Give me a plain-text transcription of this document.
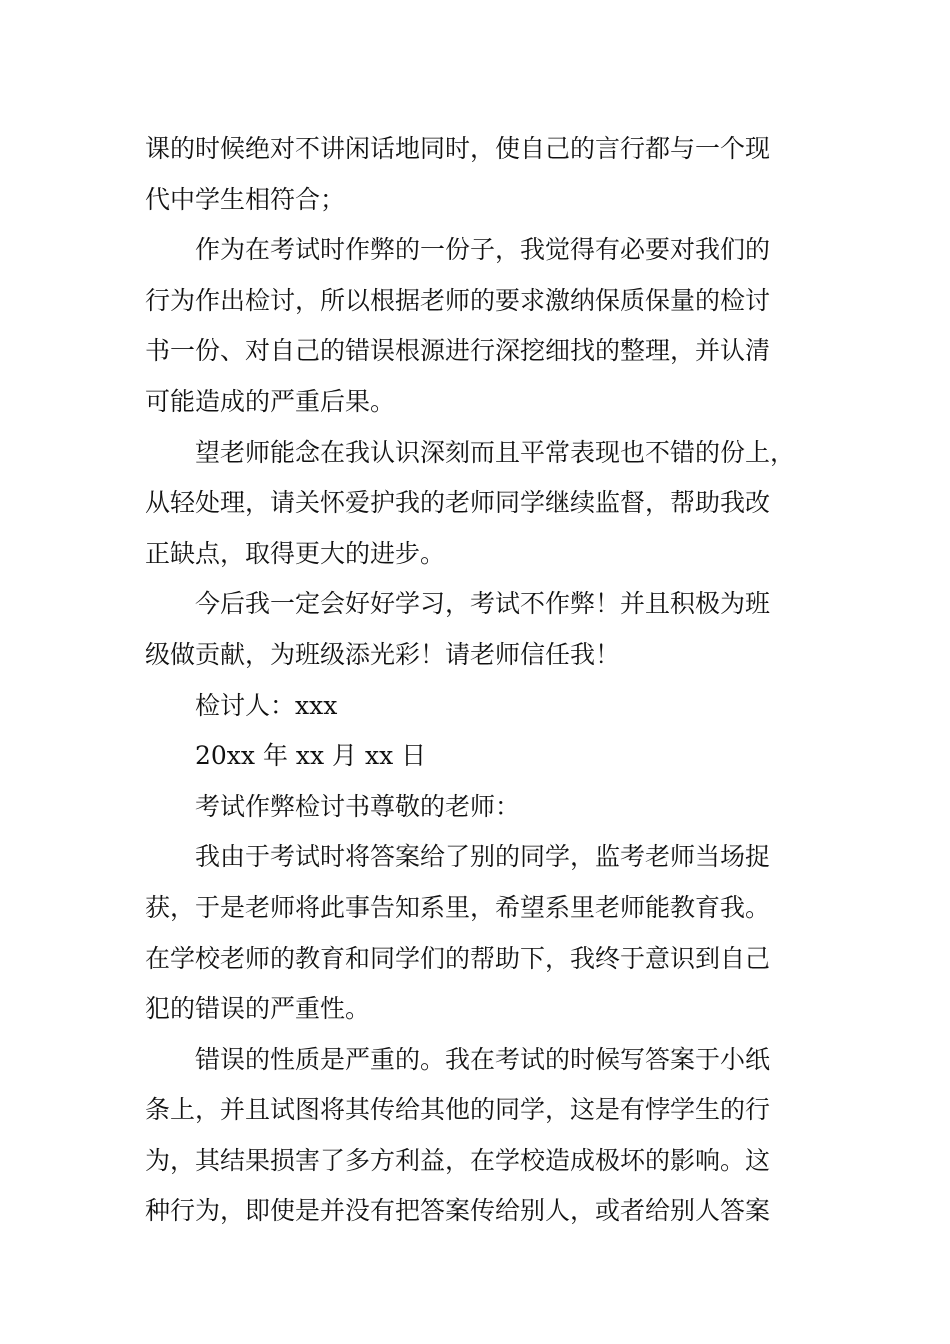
课的时候绝对不讲闲话地同时，使自己的言行都与一个现
代中学生相符合；

作为在考试时作弊的一份子，我觉得有必要对我们的
行为作出检讨，所以根据老师的要求激纳保质保量的检讨
书一份、对自己的错误根源进行深挖细找的整理，并认清
可能造成的严重后果。

望老师能念在我认识深刻而且平常表现也不错的份上，
从轻处理，请关怀爱护我的老师同学继续监督，帮助我改
正缺点，取得更大的进步。

今后我一定会好好学习，考试不作弊！并且积极为班
级做贡献，为班级添光彩！请老师信任我！

检讨人：xxx

20xx 年 xx 月 xx 日

考试作弊检讨书尊敬的老师：

我由于考试时将答案给了别的同学，监考老师当场捉
获，于是老师将此事告知系里，希望系里老师能教育我。
在学校老师的教育和同学们的帮助下，我终于意识到自己
犯的错误的严重性。

错误的性质是严重的。我在考试的时候写答案于小纸
条上，并且试图将其传给其他的同学，这是有悖学生的行
为，其结果损害了多方利益，在学校造成极坏的影响。这
种行为，即使是并没有把答案传给别人，或者给别人答案
